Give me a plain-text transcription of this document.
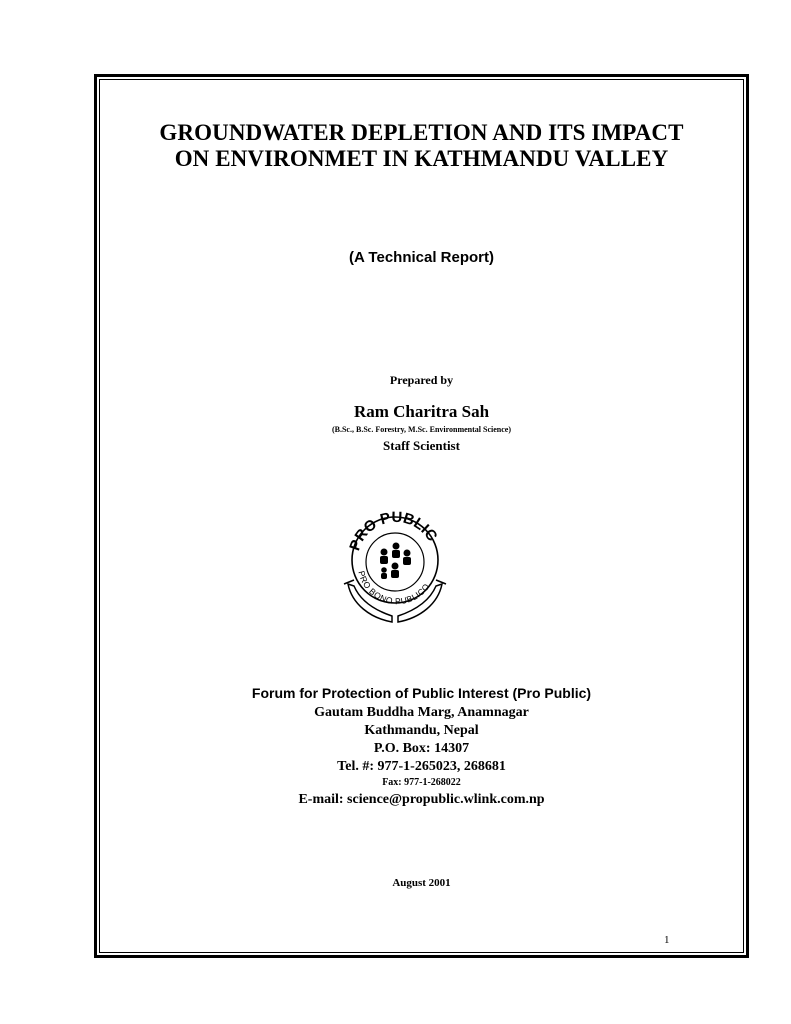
GROUNDWATER DEPLETION AND ITS IMPACT
ON ENVIRONMET IN KATHMANDU VALLEY
(A Technical Report)
Prepared by
Ram Charitra Sah
(B.Sc., B.Sc. Forestry, M.Sc. Environmental Science)
Staff Scientist
PRO PUBLIC
PRO BONO PUBLICO
Forum for Protection of Public Interest (Pro Public)
Gautam Buddha Marg, Anamnagar
Kathmandu, Nepal
P.O. Box: 14307
Tel. #: 977-1-265023, 268681
Fax: 977-1-268022
E-mail: science@propublic.wlink.com.np
August 2001
1
